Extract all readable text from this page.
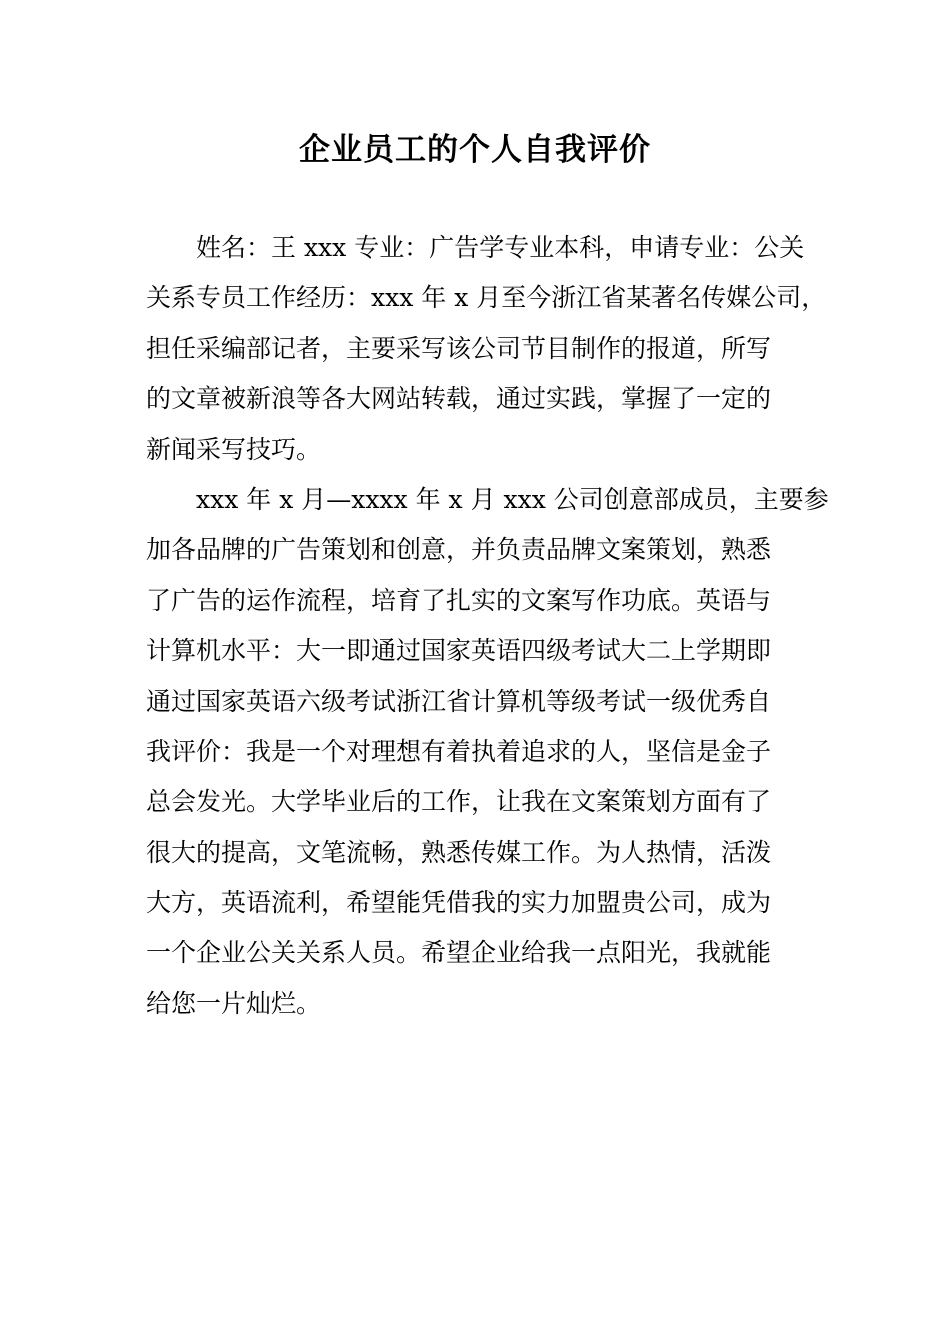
企业员工的个人自我评价
姓名：王 xxx 专业：广告学专业本科，申请专业：公关
关系专员工作经历：xxx 年 x 月至今浙江省某著名传媒公司，
担任采编部记者，主要采写该公司节目制作的报道，所写
的文章被新浪等各大网站转载，通过实践，掌握了一定的
新闻采写技巧。
xxx 年 x 月—xxxx 年 x 月 xxx 公司创意部成员，主要参
加各品牌的广告策划和创意，并负责品牌文案策划，熟悉
了广告的运作流程，培育了扎实的文案写作功底。英语与
计算机水平：大一即通过国家英语四级考试大二上学期即
通过国家英语六级考试浙江省计算机等级考试一级优秀自
我评价：我是一个对理想有着执着追求的人，坚信是金子
总会发光。大学毕业后的工作，让我在文案策划方面有了
很大的提高，文笔流畅，熟悉传媒工作。为人热情，活泼
大方，英语流利，希望能凭借我的实力加盟贵公司，成为
一个企业公关关系人员。希望企业给我一点阳光，我就能
给您一片灿烂。
